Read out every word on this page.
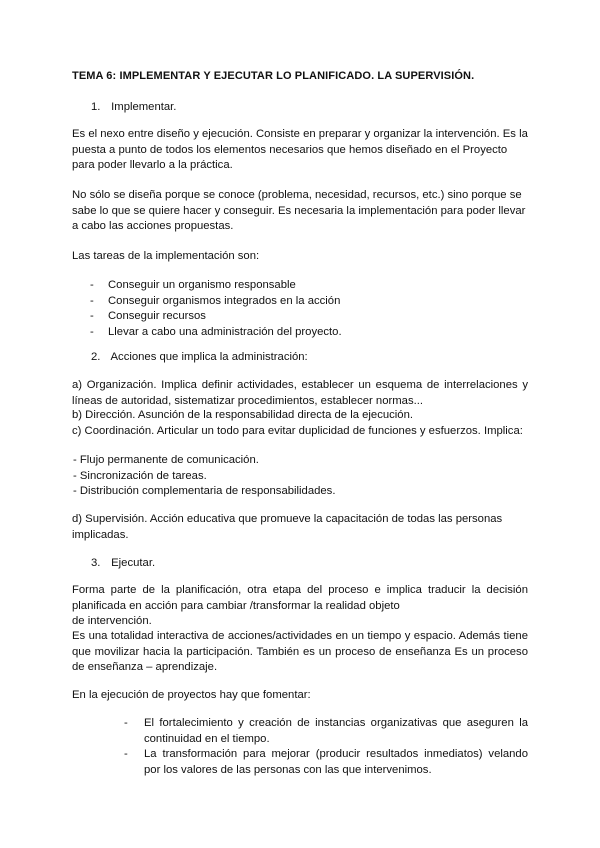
TEMA 6: IMPLEMENTAR Y EJECUTAR LO PLANIFICADO. LA SUPERVISIÓN.

1. Implementar.

Es el nexo entre diseño y ejecución. Consiste en preparar y organizar la intervención. Es la puesta a punto de todos los elementos necesarios que hemos diseñado en el Proyecto para poder llevarlo a la práctica.

No sólo se diseña porque se conoce (problema, necesidad, recursos, etc.) sino porque se sabe lo que se quiere hacer y conseguir. Es necesaria la implementación para poder llevar a cabo las acciones propuestas.

Las tareas de la implementación son:

- Conseguir un organismo responsable
- Conseguir organismos integrados en la acción
- Conseguir recursos
- Llevar a cabo una administración del proyecto.

2. Acciones que implica la administración:

a) Organización. Implica definir actividades, establecer un esquema de interrelaciones y líneas de autoridad, sistematizar procedimientos, establecer normas...

b) Dirección. Asunción de la responsabilidad directa de la ejecución.

c) Coordinación. Articular un todo para evitar duplicidad de funciones y esfuerzos. Implica:

- Flujo permanente de comunicación.
- Sincronización de tareas.
- Distribución complementaria de responsabilidades.

d) Supervisión. Acción educativa que promueve la capacitación de todas las personas implicadas.

3. Ejecutar.

Forma parte de la planificación, otra etapa del proceso e implica traducir la decisión planificada en acción para cambiar /transformar la realidad objeto

de intervención.

Es una totalidad interactiva de acciones/actividades en un tiempo y espacio. Además tiene que movilizar hacia la participación. También es un proceso de enseñanza Es un proceso de enseñanza – aprendizaje.

En la ejecución de proyectos hay que fomentar:

- El fortalecimiento y creación de instancias organizativas que aseguren la continuidad en el tiempo.
- La transformación para mejorar (producir resultados inmediatos) velando por los valores de las personas con las que intervenimos.
